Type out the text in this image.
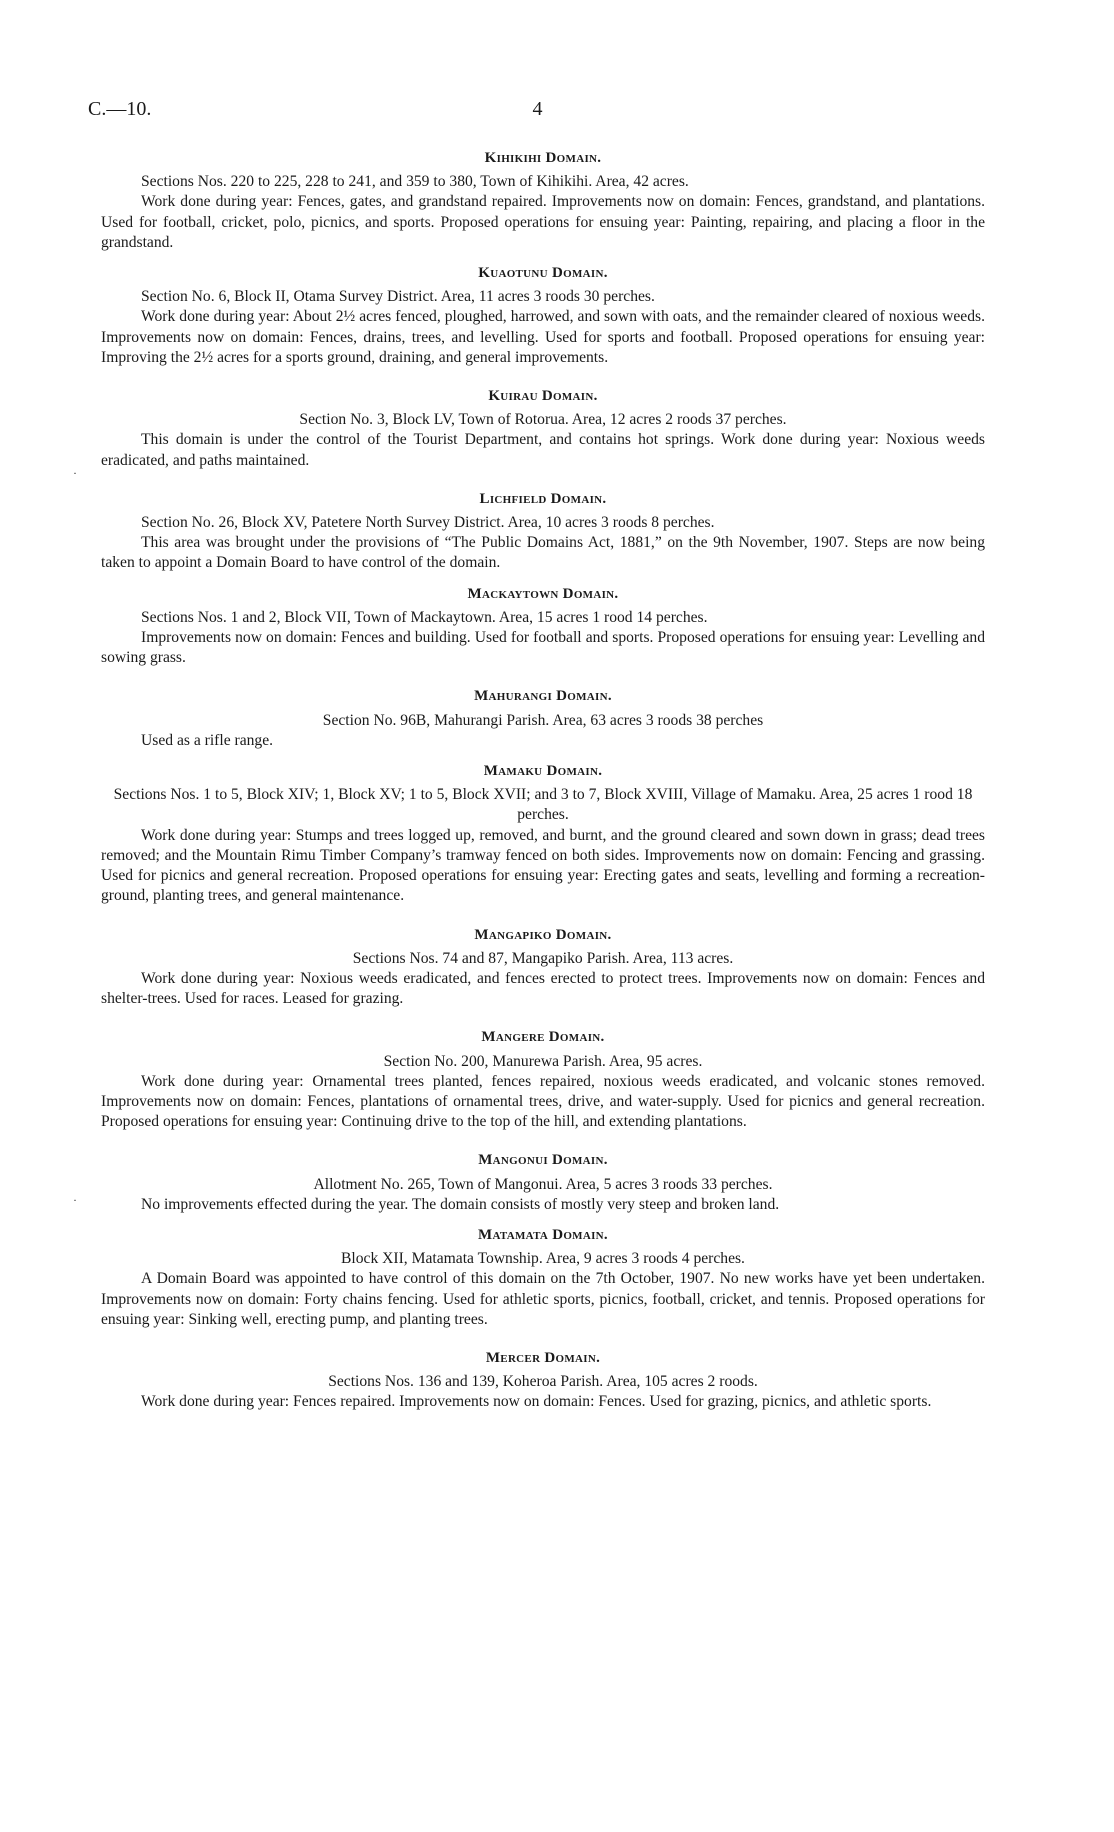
C.—10.	4
·
·
Kihikihi Domain.

Sections Nos. 220 to 225, 228 to 241, and 359 to 380, Town of Kihikihi. Area, 42 acres.

Work done during year: Fences, gates, and grandstand repaired. Improvements now on domain: Fences, grandstand, and plantations. Used for football, cricket, polo, picnics, and sports. Proposed operations for ensuing year: Painting, repairing, and placing a floor in the grandstand.

Kuaotunu Domain.

Section No. 6, Block II, Otama Survey District. Area, 11 acres 3 roods 30 perches.

Work done during year: About 2½ acres fenced, ploughed, harrowed, and sown with oats, and the remainder cleared of noxious weeds. Improvements now on domain: Fences, drains, trees, and levelling. Used for sports and football. Proposed operations for ensuing year: Improving the 2½ acres for a sports ground, draining, and general improvements.

Kuirau Domain.

Section No. 3, Block LV, Town of Rotorua. Area, 12 acres 2 roods 37 perches.

This domain is under the control of the Tourist Department, and contains hot springs. Work done during year: Noxious weeds eradicated, and paths maintained.

Lichfield Domain.

Section No. 26, Block XV, Patetere North Survey District. Area, 10 acres 3 roods 8 perches.

This area was brought under the provisions of “The Public Domains Act, 1881,” on the 9th November, 1907. Steps are now being taken to appoint a Domain Board to have control of the domain.

Mackaytown Domain.

Sections Nos. 1 and 2, Block VII, Town of Mackaytown. Area, 15 acres 1 rood 14 perches.

Improvements now on domain: Fences and building. Used for football and sports. Proposed operations for ensuing year: Levelling and sowing grass.

Mahurangi Domain.

Section No. 96B, Mahurangi Parish. Area, 63 acres 3 roods 38 perches

Used as a rifle range.

Mamaku Domain.

Sections Nos. 1 to 5, Block XIV; 1, Block XV; 1 to 5, Block XVII; and 3 to 7, Block XVIII, Village of Mamaku. Area, 25 acres 1 rood 18 perches.

Work done during year: Stumps and trees logged up, removed, and burnt, and the ground cleared and sown down in grass; dead trees removed; and the Mountain Rimu Timber Company’s tramway fenced on both sides. Improvements now on domain: Fencing and grassing. Used for picnics and general recreation. Proposed operations for ensuing year: Erecting gates and seats, levelling and forming a recreation-ground, planting trees, and general maintenance.

Mangapiko Domain.

Sections Nos. 74 and 87, Mangapiko Parish. Area, 113 acres.

Work done during year: Noxious weeds eradicated, and fences erected to protect trees. Improvements now on domain: Fences and shelter-trees. Used for races. Leased for grazing.

Mangere Domain.

Section No. 200, Manurewa Parish. Area, 95 acres.

Work done during year: Ornamental trees planted, fences repaired, noxious weeds eradicated, and volcanic stones removed. Improvements now on domain: Fences, plantations of ornamental trees, drive, and water-supply. Used for picnics and general recreation. Proposed operations for ensuing year: Continuing drive to the top of the hill, and extending plantations.

Mangonui Domain.

Allotment No. 265, Town of Mangonui. Area, 5 acres 3 roods 33 perches.

No improvements effected during the year. The domain consists of mostly very steep and broken land.

Matamata Domain.

Block XII, Matamata Township. Area, 9 acres 3 roods 4 perches.

A Domain Board was appointed to have control of this domain on the 7th October, 1907. No new works have yet been undertaken. Improvements now on domain: Forty chains fencing. Used for athletic sports, picnics, football, cricket, and tennis. Proposed operations for ensuing year: Sinking well, erecting pump, and planting trees.

Mercer Domain.

Sections Nos. 136 and 139, Koheroa Parish. Area, 105 acres 2 roods.

Work done during year: Fences repaired. Improvements now on domain: Fences. Used for grazing, picnics, and athletic sports.
